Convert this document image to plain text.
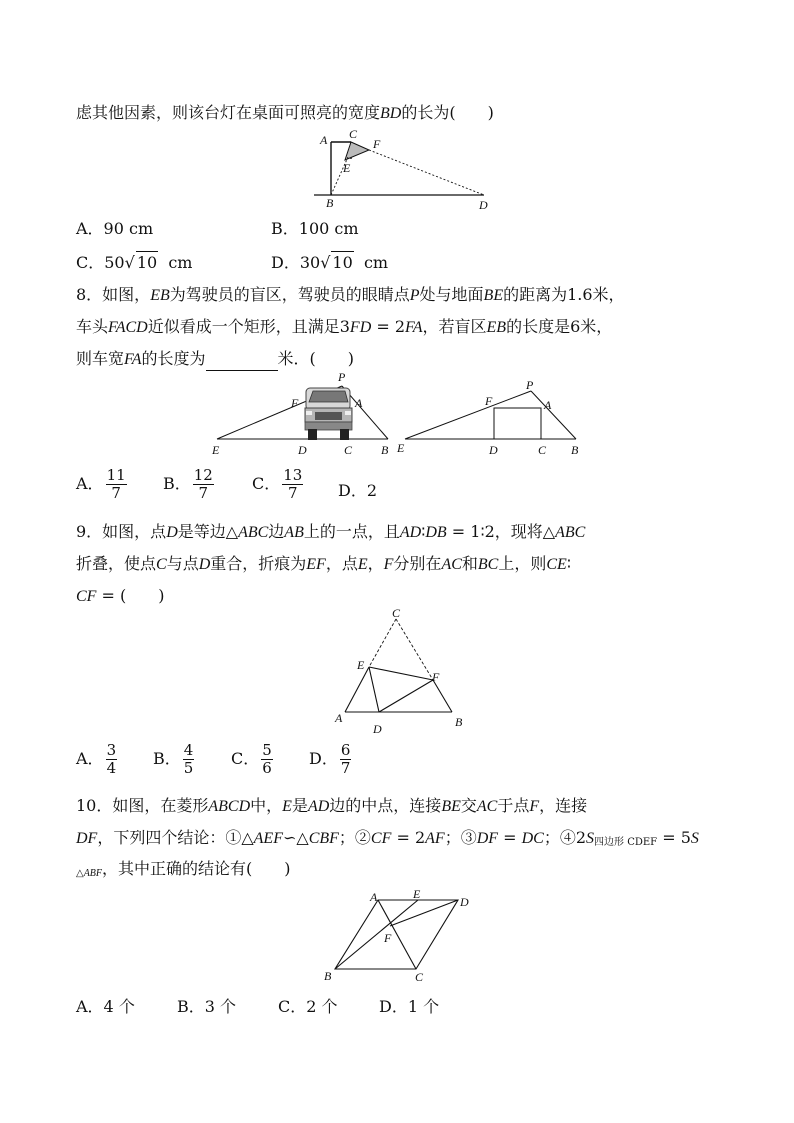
虑其他因素，则该台灯在桌面可照亮的宽度BD的长为(　　)
A C
F
E
B	D
A．90 cm	B．100 cm
C．50√ 10 cm	D．30√ 10 cm
8．如图，EB为驾驶员的盲区，驾驶员的眼睛点P处与地面BE的距离为1.6米，
车头FACD近似看成一个矩形，且满足3FD = 2FA，若盲区EB的长度是6米，
则车宽FA的长度为	米．(　　)
P
F	A
E	D	C B
P
F	A
E	D	C B
A． $\frac{11}{7}$ B． $\frac{12}{7}$ C． $\frac{13}{7}$ D．2
9．如图，点D是等边△ABC边AB上的一点，且AD∶DB = 1∶2，现将△ABC
折叠，使点C与点D重合，折痕为EF，点E，F分别在AC和BC上，则CE∶
CF = (　　)
C
E
F
A
D	B
A． $\frac{3}{4}$ B． $\frac{4}{5}$ C． $\frac{5}{6}$ D． $\frac{6}{7}$
10．如图，在菱形ABCD中，E是AD边的中点，连接BE交AC于点F，连接
DF，下列四个结论：①△AEF∽△CBF；②CF = 2AF；③DF = DC；$④2S_{四边形 CDEF} = 5S$
$_{\triangle ABF}$，其中正确的结论有(　　)
A	E
D
F
B	C
A．4 个	B．3 个	C．2 个	D．1 个
